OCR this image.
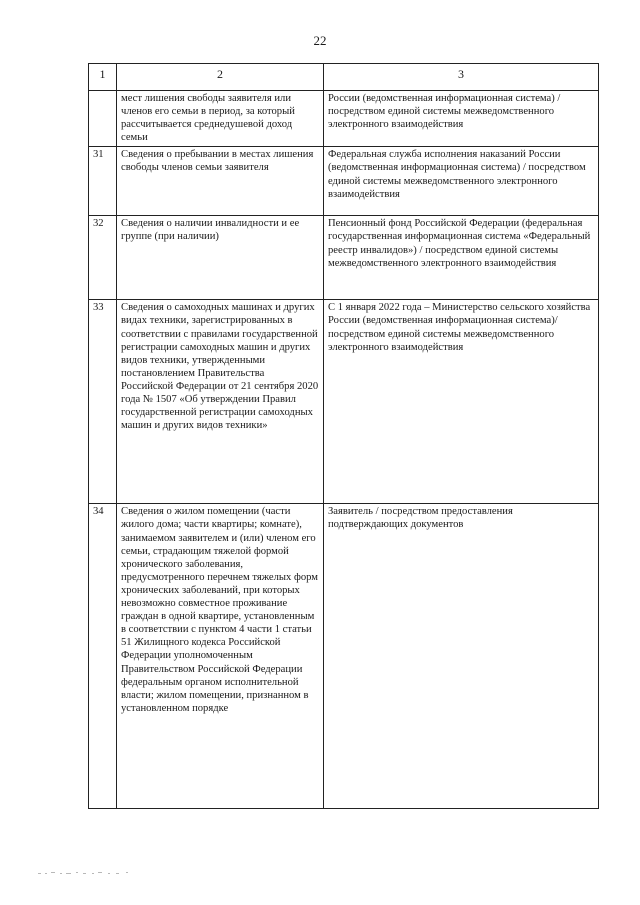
22
1	2	3
	мест лишения свободы заявителя или членов его семьи в период, за который рассчитывается среднедушевой доход семьи	России (ведомственная информационная система) / посредством единой системы межведомственного электронного взаимодействия
31	Сведения о пребывании в местах лишения свободы членов семьи заявителя	Федеральная служба исполнения наказаний России (ведомственная информационная система) / посредством единой системы межведомственного электронного взаимодействия
32	Сведения о наличии инвалидности и ее группе (при наличии)	Пенсионный фонд Российской Федерации (федеральная государственная информационная система «Федеральный реестр инвалидов») / посредством единой системы межведомственного электронного взаимодействия
33	Сведения о самоходных машинах и других видах техники, зарегистрированных в соответствии с правилами государственной регистрации самоходных машин и других видов техники, утвержденными постановлением Правительства Российской Федерации от 21 сентября 2020 года № 1507 «Об утверждении Правил государственной регистрации самоходных машин и других видов техники»	С 1 января 2022 года – Министерство сельского хозяйства России (ведомственная информационная система)/ посредством единой системы межведомственного электронного взаимодействия
34	Сведения о жилом помещении (части жилого дома; части квартиры; комнате), занимаемом заявителем и (или) членом его семьи, страдающим тяжелой формой хронического заболевания, предусмотренного перечнем тяжелых форм хронических заболеваний, при которых невозможно совместное проживание граждан в одной квартире, установленным в соответствии с пунктом 4 части 1 статьи 51 Жилищного кодекса Российской Федерации уполномоченным Правительством Российской Федерации федеральным органом исполнительной власти; жилом помещении, признанном в установленном порядке	Заявитель / посредством предоставления подтверждающих документов
